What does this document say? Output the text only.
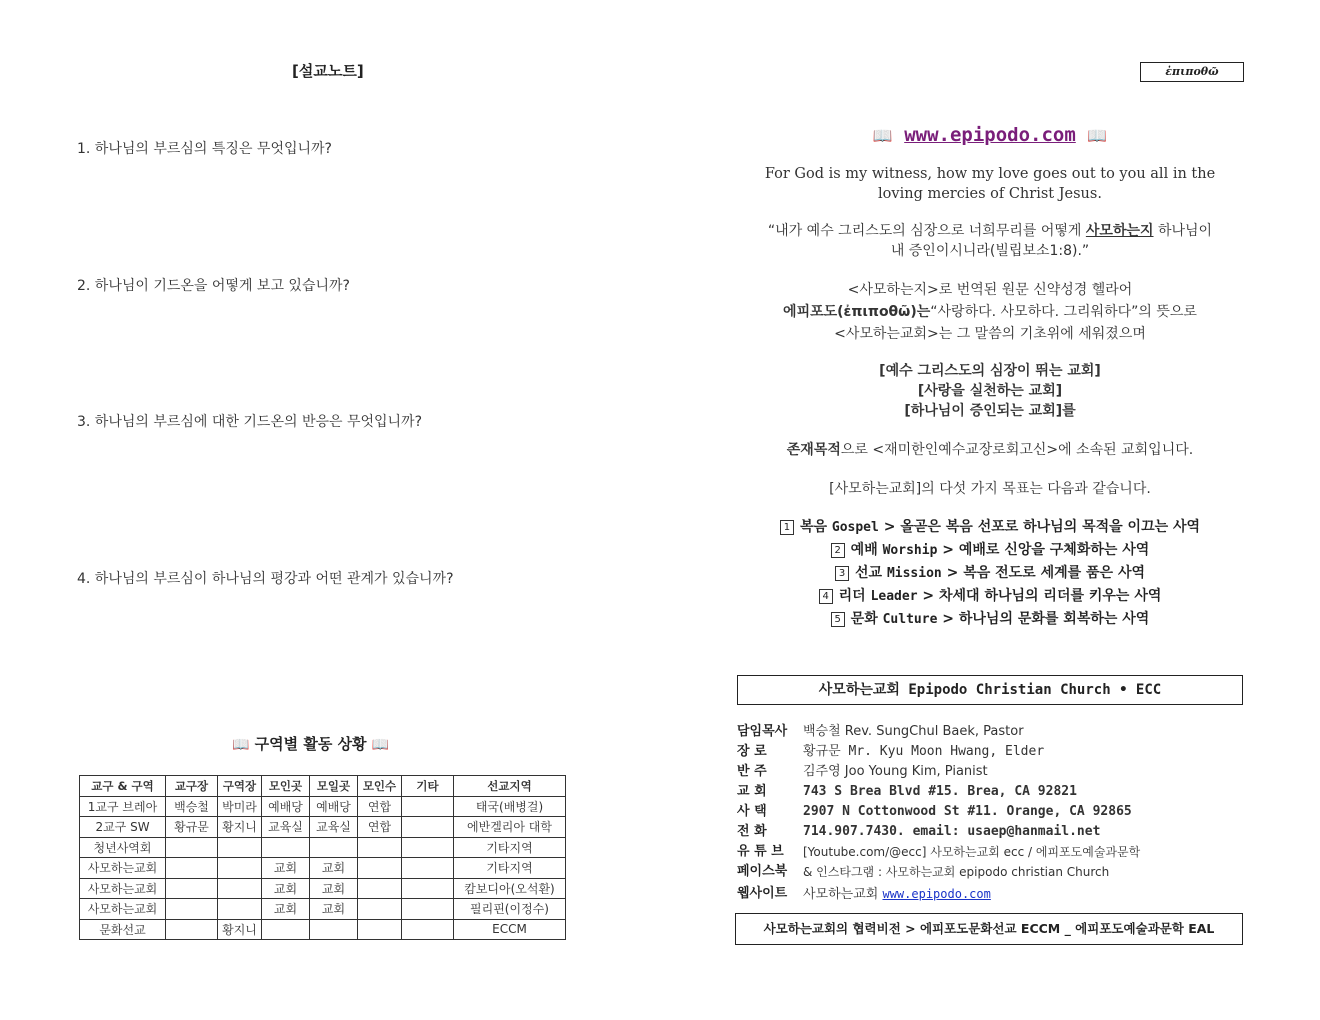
[설교노트]
1. 하나님의 부르심의 특징은 무엇입니까?
2. 하나님이 기드온을 어떻게 보고 있습니까?
3. 하나님의 부르심에 대한 기드온의 반응은 무엇입니까?
4. 하나님의 부르심이 하나님의 평강과 어떤 관계가 있습니까?
📖 구역별 활동 상황 📖
교구 & 구역	교구장	구역장	모인곳	모일곳	모인수	기타	선교지역
1교구 브레아	백승철	박미라	예배당	예배당	연합		태국(배병걸)
2교구 SW	황규문	황지니	교육실	교육실	연합		에반겔리아 대학
청년사역회							기타지역
사모하는교회			교회	교회			기타지역
사모하는교회			교회	교회			캄보디아(오석환)
사모하는교회			교회	교회			필리핀(이정수)
문화선교		황지니					ECCM
ἐπιποθῶ
📖 www.epipodo.com 📖
For God is my witness, how my love goes out to you all in the
loving mercies of Christ Jesus.
“내가 예수 그리스도의 심장으로 너희무리를 어떻게 사모하는지 하나님이
내 증인이시니라(빌립보소1:8).”
<사모하는지>로 번역된 원문 신약성경 헬라어
에피포도(ἐπιποθῶ)는“사랑하다. 사모하다. 그리워하다”의 뜻으로
<사모하는교회>는 그 말씀의 기초위에 세워졌으며
[예수 그리스도의 심장이 뛰는 교회]
[사랑을 실천하는 교회]
[하나님이 증인되는 교회]를
존재목적으로 <재미한인예수교장로회고신>에 소속된 교회입니다.
[사모하는교회]의 다섯 가지 목표는 다음과 같습니다.
1 복음 Gospel > 올곧은 복음 선포로 하나님의 목적을 이끄는 사역
2 예배 Worship > 예배로 신앙을 구체화하는 사역
3 선교 Mission > 복음 전도로 세계를 품은 사역
4 리더 Leader > 차세대 하나님의 리더를 키우는 사역
5 문화 Culture > 하나님의 문화를 회복하는 사역
사모하는교회 Epipodo Christian Church • ECC
담임목사	백승철 Rev. SungChul Baek, Pastor
장 로	황규문 Mr. Kyu Moon Hwang, Elder
반 주	김주영 Joo Young Kim, Pianist
교 회	743 S Brea Blvd #15. Brea, CA 92821
사 택	2907 N Cottonwood St #11. Orange, CA 92865
전 화	714.907.7430. email: usaep@hanmail.net
유 튜 브	[Youtube.com/@ecc] 사모하는교회 ecc / 에피포도예술과문학
페이스북	& 인스타그램 : 사모하는교회 epipodo christian Church
웹사이트	사모하는교회 www.epipodo.com
사모하는교회의 협력비전 > 에피포도문화선교 ECCM _ 에피포도예술과문학 EAL
